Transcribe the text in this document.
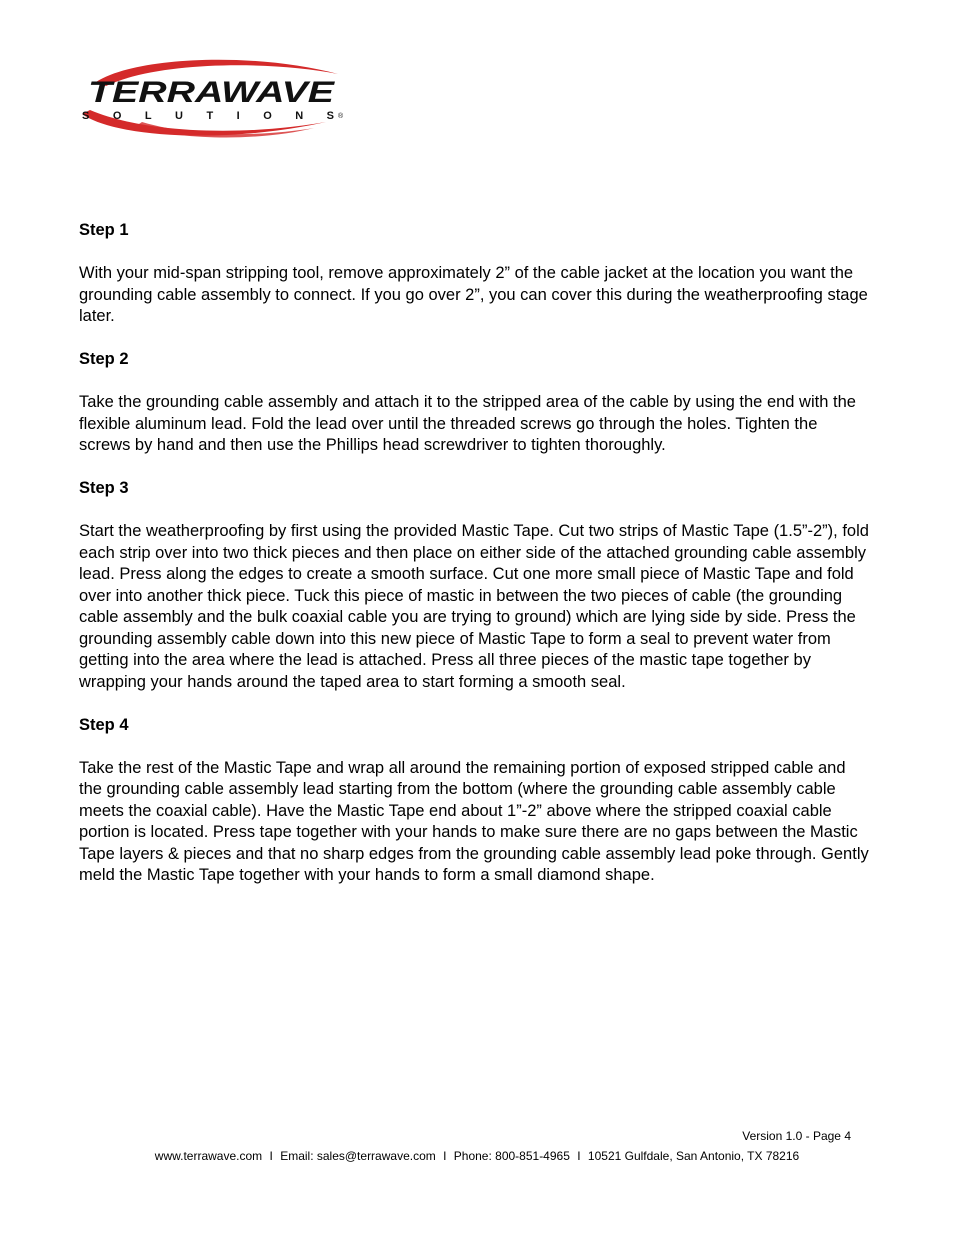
TERRAWAVE
SOLUTIONS ®
Step 1

With your mid-span stripping tool, remove approximately 2” of the cable jacket at the location you want the grounding cable assembly to connect. If you go over 2”, you can cover this during the weatherproofing stage later.

Step 2

Take the grounding cable assembly and attach it to the stripped area of the cable by using the end with the flexible aluminum lead. Fold the lead over until the threaded screws go through the holes. Tighten the screws by hand and then use the Phillips head screwdriver to tighten thoroughly.

Step 3

Start the weatherproofing by first using the provided Mastic Tape. Cut two strips of Mastic Tape (1.5”-2”), fold each strip over into two thick pieces and then place on either side of the attached grounding cable assembly lead. Press along the edges to create a smooth surface. Cut one more small piece of Mastic Tape and fold over into another thick piece. Tuck this piece of mastic in between the two pieces of cable (the grounding cable assembly and the bulk coaxial cable you are trying to ground) which are lying side by side. Press the grounding assembly cable down into this new piece of Mastic Tape to form a seal to prevent water from getting into the area where the lead is attached. Press all three pieces of the mastic tape together by wrapping your hands around the taped area to start forming a smooth seal.

Step 4

Take the rest of the Mastic Tape and wrap all around the remaining portion of exposed stripped cable and the grounding cable assembly lead starting from the bottom (where the grounding cable assembly cable meets the coaxial cable). Have the Mastic Tape end about 1”-2” above where the stripped coaxial cable portion is located. Press tape together with your hands to make sure there are no gaps between the Mastic Tape layers & pieces and that no sharp edges from the grounding cable assembly lead poke through. Gently meld the Mastic Tape together with your hands to form a small diamond shape.

Version 1.0 - Page 4
www.terrawave.com I Email: sales@terrawave.com I Phone: 800-851-4965 I 10521 Gulfdale, San Antonio, TX 78216
